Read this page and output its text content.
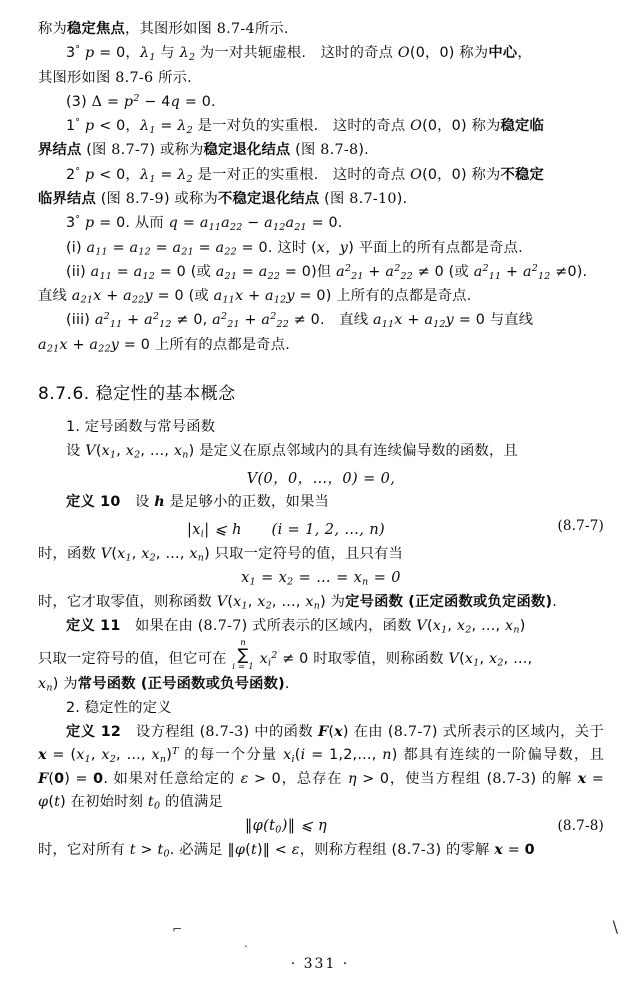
称为稳定焦点，其图形如图 8.7-4所示.

3° p = 0，$\lambda_1$ 与 $\lambda_2$ 为一对共轭虚根.　这时的奇点 O(0，0) 称为中心，

其图形如图 8.7-6 所示.

(3) $\Delta = p^2 - 4q = 0$.

1° p < 0，$\lambda_1 = \lambda_2$ 是一对负的实重根.　这时的奇点 O(0，0) 称为稳定临

界结点 (图 8.7-7) 或称为稳定退化结点 (图 8.7-8).

2° p < 0，$\lambda_1 = \lambda_2$ 是一对正的实重根.　这时的奇点 O(0，0) 称为不稳定

临界结点 (图 8.7-9) 或称为不稳定退化结点 (图 8.7-10).

3° p = 0. 从而 $q = a_{11}a_{22} - a_{12}a_{21} = 0$.

(i) $a_{11} = a_{12} = a_{21} = a_{22} = 0$. 这时 (x，y) 平面上的所有点都是奇点.

(ii) $a_{11} = a_{12} = 0$ (或 $a_{21} = a_{22} = 0$)但 $a^2_{21} + a^2_{22} \ne 0$ (或 $a^2_{11} + a^2_{12} \ne 0$).

直线 $a_{21}x + a_{22}y = 0$ (或 $a_{11}x + a_{12}y = 0$) 上所有的点都是奇点.

(iii) $a^2_{11} + a^2_{12} \ne 0$, $a^2_{21} + a^2_{22} \ne 0$.　直线 $a_{11}x + a_{12}y = 0$ 与直线

$a_{21}x + a_{22}y = 0$ 上所有的点都是奇点.

8.7.6. 稳定性的基本概念

1. 定号函数与常号函数

设 $V(x_1$, $x_2$, …, $x_n$) 是定义在原点邻域内的具有连续偏导数的函数，且

V(0，0，…，0) = 0,

定义 10　设 h 是足够小的正数，如果当

$|x_i|$ ⩽ h　　(i = 1, 2, …, n)	(8.7-7)

时，函数 $V(x_1$, $x_2$, …, $x_n$) 只取一定符号的值，且只有当

$x_1 = x_2$ = … = $x_n = 0$

时，它才取零值，则称函数 $V(x_1$, $x_2$, …, $x_n$) 为定号函数 (正定函数或负定函数).

定义 11　如果在由 (8.7-7) 式所表示的区域内，函数 $V(x_1$, $x_2$, …, $x_n$)

只取一定符号的值，但它可在
n
∑
i = 1
$x_i^2 \ne 0$ 时取零值，则称函数 $V(x_1$, $x_2$, …,

$x_n$) 为常号函数 (正号函数或负号函数).

2. 稳定性的定义

定义 12　设方程组 (8.7-3) 中的函数 F(x) 在由 (8.7-7) 式所表示的区域内，关于 $x = (x_1$, $x_2$, …, $x_n)^T$ 的每一个分量 $x_i(i$ = 1,2,…, n) 都具有连续的一阶偏导数，且 F(0) = 0. 如果对任意给定的 ε > 0，总存在 η > 0，使当方程组 (8.7-3) 的解 x = φ(t) 在初始时刻 $t_0$ 的值满足

$‖\varphi(t_0)‖$ ⩽ η	(8.7-8)

时，它对所有 $t > t_0$. 必满足 ‖φ(t)‖ < ε，则称方程组 (8.7-3) 的零解 x = 0

⌐
.
\
· 331 ·
